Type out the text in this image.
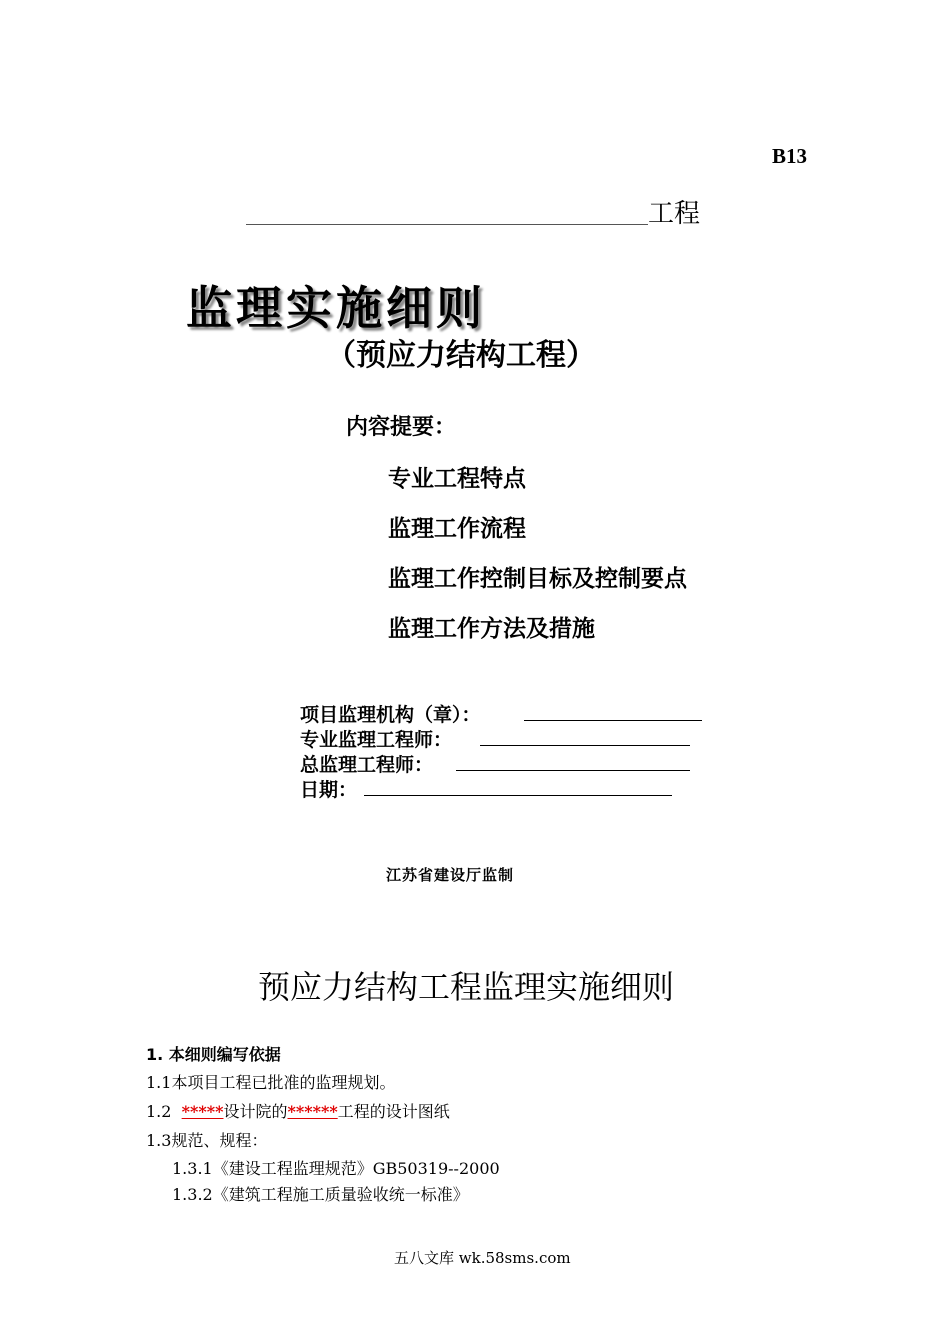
B13
工程
监理实施细则
（预应力结构工程）
内容提要：
专业工程特点
监理工作流程
监理工作控制目标及控制要点
监理工作方法及措施
项目监理机构（章）：
专业监理工程师：
总监理工程师：
日期：
江苏省建设厅监制
预应力结构工程监理实施细则
1. 本细则编写依据
1.1本项目工程已批准的监理规划。
1.2  *****设计院的******工程的设计图纸
1.3规范、规程：
1.3.1《建设工程监理规范》GB50319--2000
1.3.2《建筑工程施工质量验收统一标准》
五八文库 wk.58sms.com
